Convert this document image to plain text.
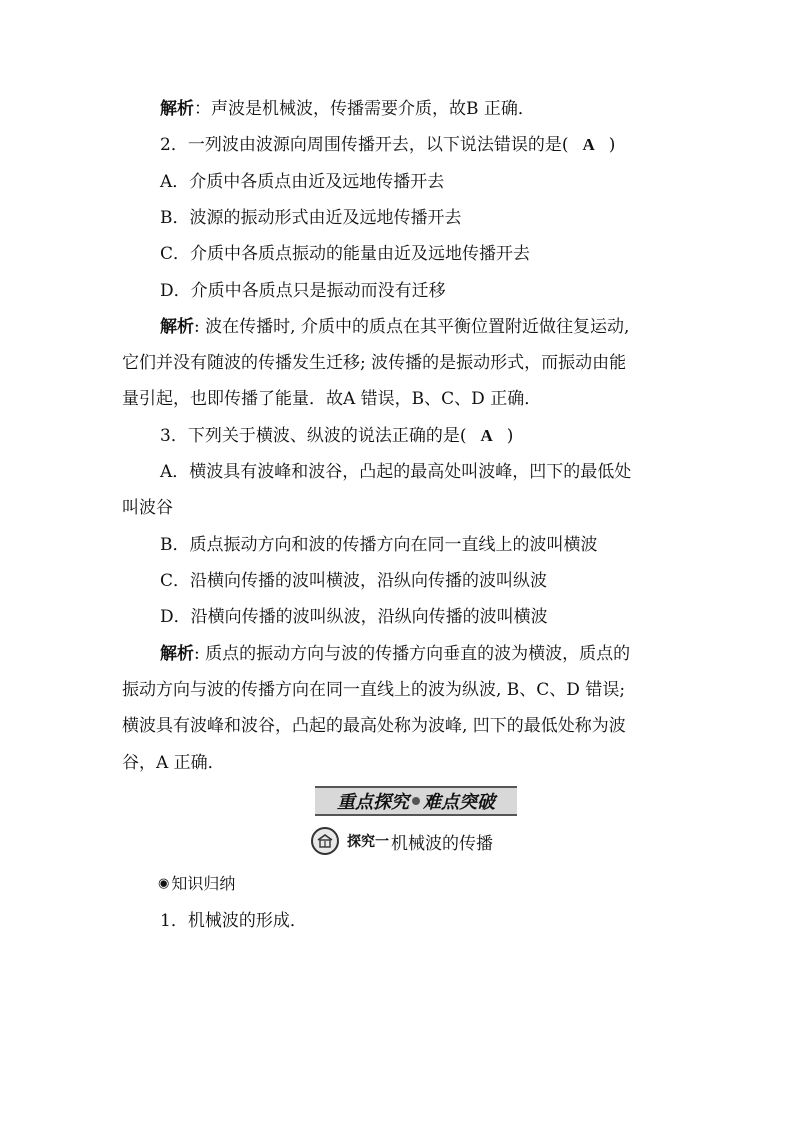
解析：声波是机械波，传播需要介质，故B 正确．
2．一列波由波源向周围传播开去，以下说法错误的是( A )
A．介质中各质点由近及远地传播开去
B．波源的振动形式由近及远地传播开去
C．介质中各质点振动的能量由近及远地传播开去
D．介质中各质点只是振动而没有迁移
解析: 波在传播时, 介质中的质点在其平衡位置附近做往复运动,
它们并没有随波的传播发生迁移; 波传播的是振动形式，而振动由能
量引起，也即传播了能量．故A 错误，B、C、D 正确．
3．下列关于横波、纵波的说法正确的是( A )
A．横波具有波峰和波谷，凸起的最高处叫波峰，凹下的最低处
叫波谷
B．质点振动方向和波的传播方向在同一直线上的波叫横波
C．沿横向传播的波叫横波，沿纵向传播的波叫纵波
D．沿横向传播的波叫纵波，沿纵向传播的波叫横波
解析: 质点的振动方向与波的传播方向垂直的波为横波，质点的
振动方向与波的传播方向在同一直线上的波为纵波, B、C、D 错误;
横波具有波峰和波谷，凸起的最高处称为波峰, 凹下的最低处称为波
谷，A 正确．
重点探究 难点突破
探究一 机械波的传播
◉ 知识归纳
1．机械波的形成．
